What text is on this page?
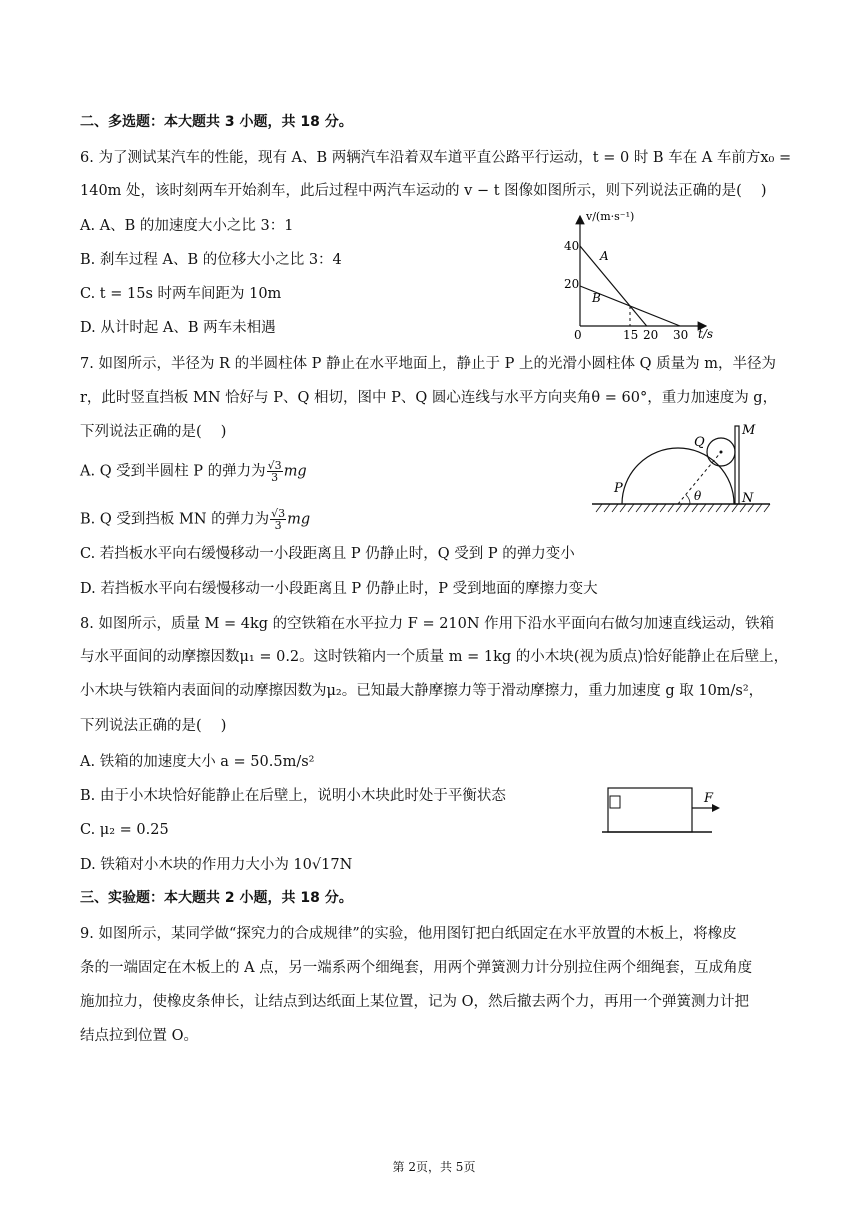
二、多选题：本大题共 3 小题，共 18 分。
6. 为了测试某汽车的性能，现有 A、B 两辆汽车沿着双车道平直公路平行运动，t = 0 时 B 车在 A 车前方x₀ =
140m 处，该时刻两车开始刹车，此后过程中两汽车运动的 v − t 图像如图所示，则下列说法正确的是(　 )
A. A、B 的加速度大小之比 3：1
B. 刹车过程 A、B 的位移大小之比 3：4
C. t = 15s 时两车间距为 10m
D. 从计时起 A、B 两车未相遇
v/(m·s⁻¹)
t/s
40
20
0	15 20 30
A
B
7. 如图所示，半径为 R 的半圆柱体 P 静止在水平地面上，静止于 P 上的光滑小圆柱体 Q 质量为 m，半径为
r，此时竖直挡板 MN 恰好与 P、Q 相切，图中 P、Q 圆心连线与水平方向夹角θ = 60°，重力加速度为 g，
下列说法正确的是(　 )
A. Q 受到半圆柱 P 的弹力为 $\frac{√3}{3}$ mg
B. Q 受到挡板 MN 的弹力为 $\frac{√3}{3}$ mg
C. 若挡板水平向右缓慢移动一小段距离且 P 仍静止时，Q 受到 P 的弹力变小
D. 若挡板水平向右缓慢移动一小段距离且 P 仍静止时，P 受到地面的摩擦力变大
P
Q
M
N
θ
8. 如图所示，质量 M = 4kg 的空铁箱在水平拉力 F = 210N 作用下沿水平面向右做匀加速直线运动，铁箱
与水平面间的动摩擦因数μ₁ = 0.2。这时铁箱内一个质量 m = 1kg 的小木块(视为质点)恰好能静止在后壁上，
小木块与铁箱内表面间的动摩擦因数为μ₂。已知最大静摩擦力等于滑动摩擦力，重力加速度 g 取 10m/s²，
下列说法正确的是(　 )
A. 铁箱的加速度大小 a = 50.5m/s²
B. 由于小木块恰好能静止在后壁上，说明小木块此时处于平衡状态
C. μ₂ = 0.25
D. 铁箱对小木块的作用力大小为 10√17N
F
三、实验题：本大题共 2 小题，共 18 分。
9. 如图所示，某同学做“探究力的合成规律”的实验，他用图钉把白纸固定在水平放置的木板上，将橡皮
条的一端固定在木板上的 A 点，另一端系两个细绳套，用两个弹簧测力计分别拉住两个细绳套，互成角度
施加拉力，使橡皮条伸长，让结点到达纸面上某位置，记为 O，然后撤去两个力，再用一个弹簧测力计把
结点拉到位置 O。
第 2页，共 5页
